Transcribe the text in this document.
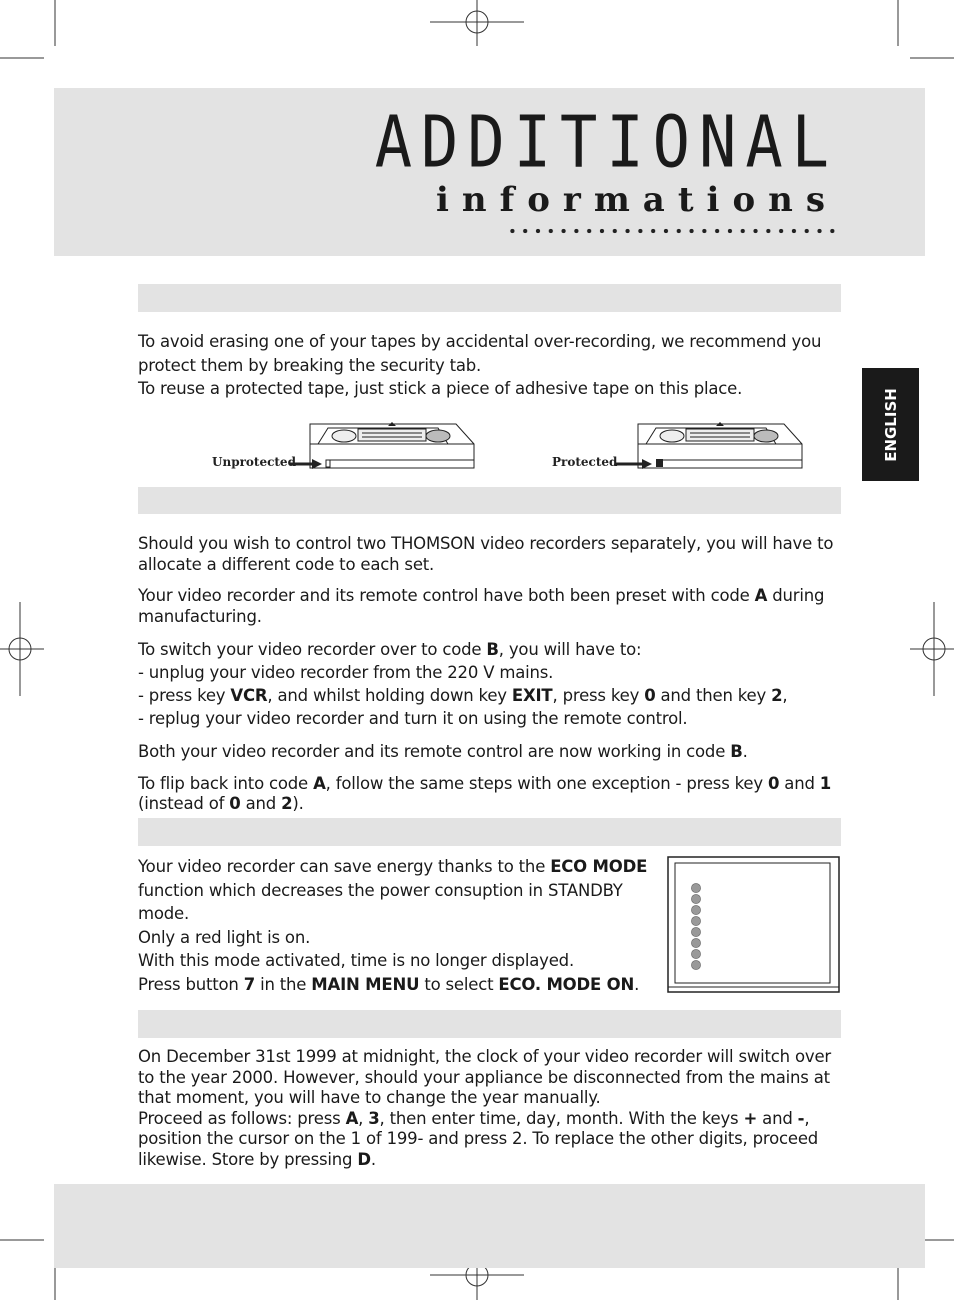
ADDITIONAL
informations
ENGLISH

To avoid erasing one of your tapes by accidental over-recording, we recommend you protect them by breaking the security tab.

To reuse a protected tape, just stick a piece of adhesive tape on this place.

Unprotected	Protected

Should you wish to control two THOMSON video recorders separately, you will have to allocate a different code to each set.

Your video recorder and its remote control have both been preset with code A during manufacturing.

To switch your video recorder over to code B, you will have to:

- unplug your video recorder from the 220 V mains.

- press key VCR, and whilst holding down key EXIT, press key 0 and then key 2,

- replug your video recorder and turn it on using the remote control.

Both your video recorder and its remote control are now working in code B.

To flip back into code A, follow the same steps with one exception - press key 0 and 1 (instead of 0 and 2).

Your video recorder can save energy thanks to the ECO MODE

function which decreases the power consuption in STANDBY mode.

Only a red light is on.

With this mode activated, time is no longer displayed.

Press button 7 in the MAIN MENU to select ECO. MODE ON.

On December 31st 1999 at midnight, the clock of your video recorder will switch over to the year 2000. However, should your appliance be disconnected from the mains at that moment, you will have to change the year manually.

Proceed as follows: press A, 3, then enter time, day, month. With the keys + and -, position the cursor on the 1 of 199- and press 2. To replace the other digits, proceed likewise. Store by pressing D.
